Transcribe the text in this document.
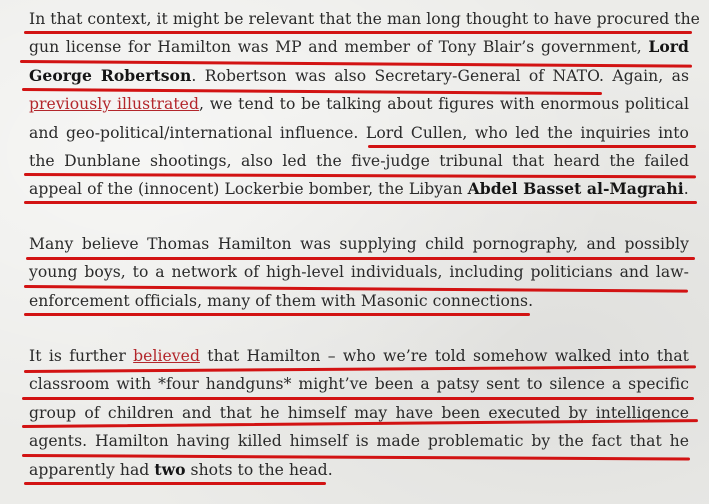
In that context, it might be relevant that the man long thought to have procured the
gun license for Hamilton was MP and member of Tony Blair’s government, Lord
George Robertson. Robertson was also Secretary-General of NATO. Again, as
previously illustrated, we tend to be talking about figures with enormous political
and geo-political/international influence. Lord Cullen, who led the inquiries into
the Dunblane shootings, also led the five-judge tribunal that heard the failed
appeal of the (innocent) Lockerbie bomber, the Libyan Abdel Basset al-Magrahi.
Many believe Thomas Hamilton was supplying child pornography, and possibly
young boys, to a network of high-level individuals, including politicians and law-
enforcement officials, many of them with Masonic connections.
It is further believed that Hamilton – who we’re told somehow walked into that
classroom with *four handguns* might’ve been a patsy sent to silence a specific
group of children and that he himself may have been executed by intelligence
agents. Hamilton having killed himself is made problematic by the fact that he
apparently had two shots to the head.
